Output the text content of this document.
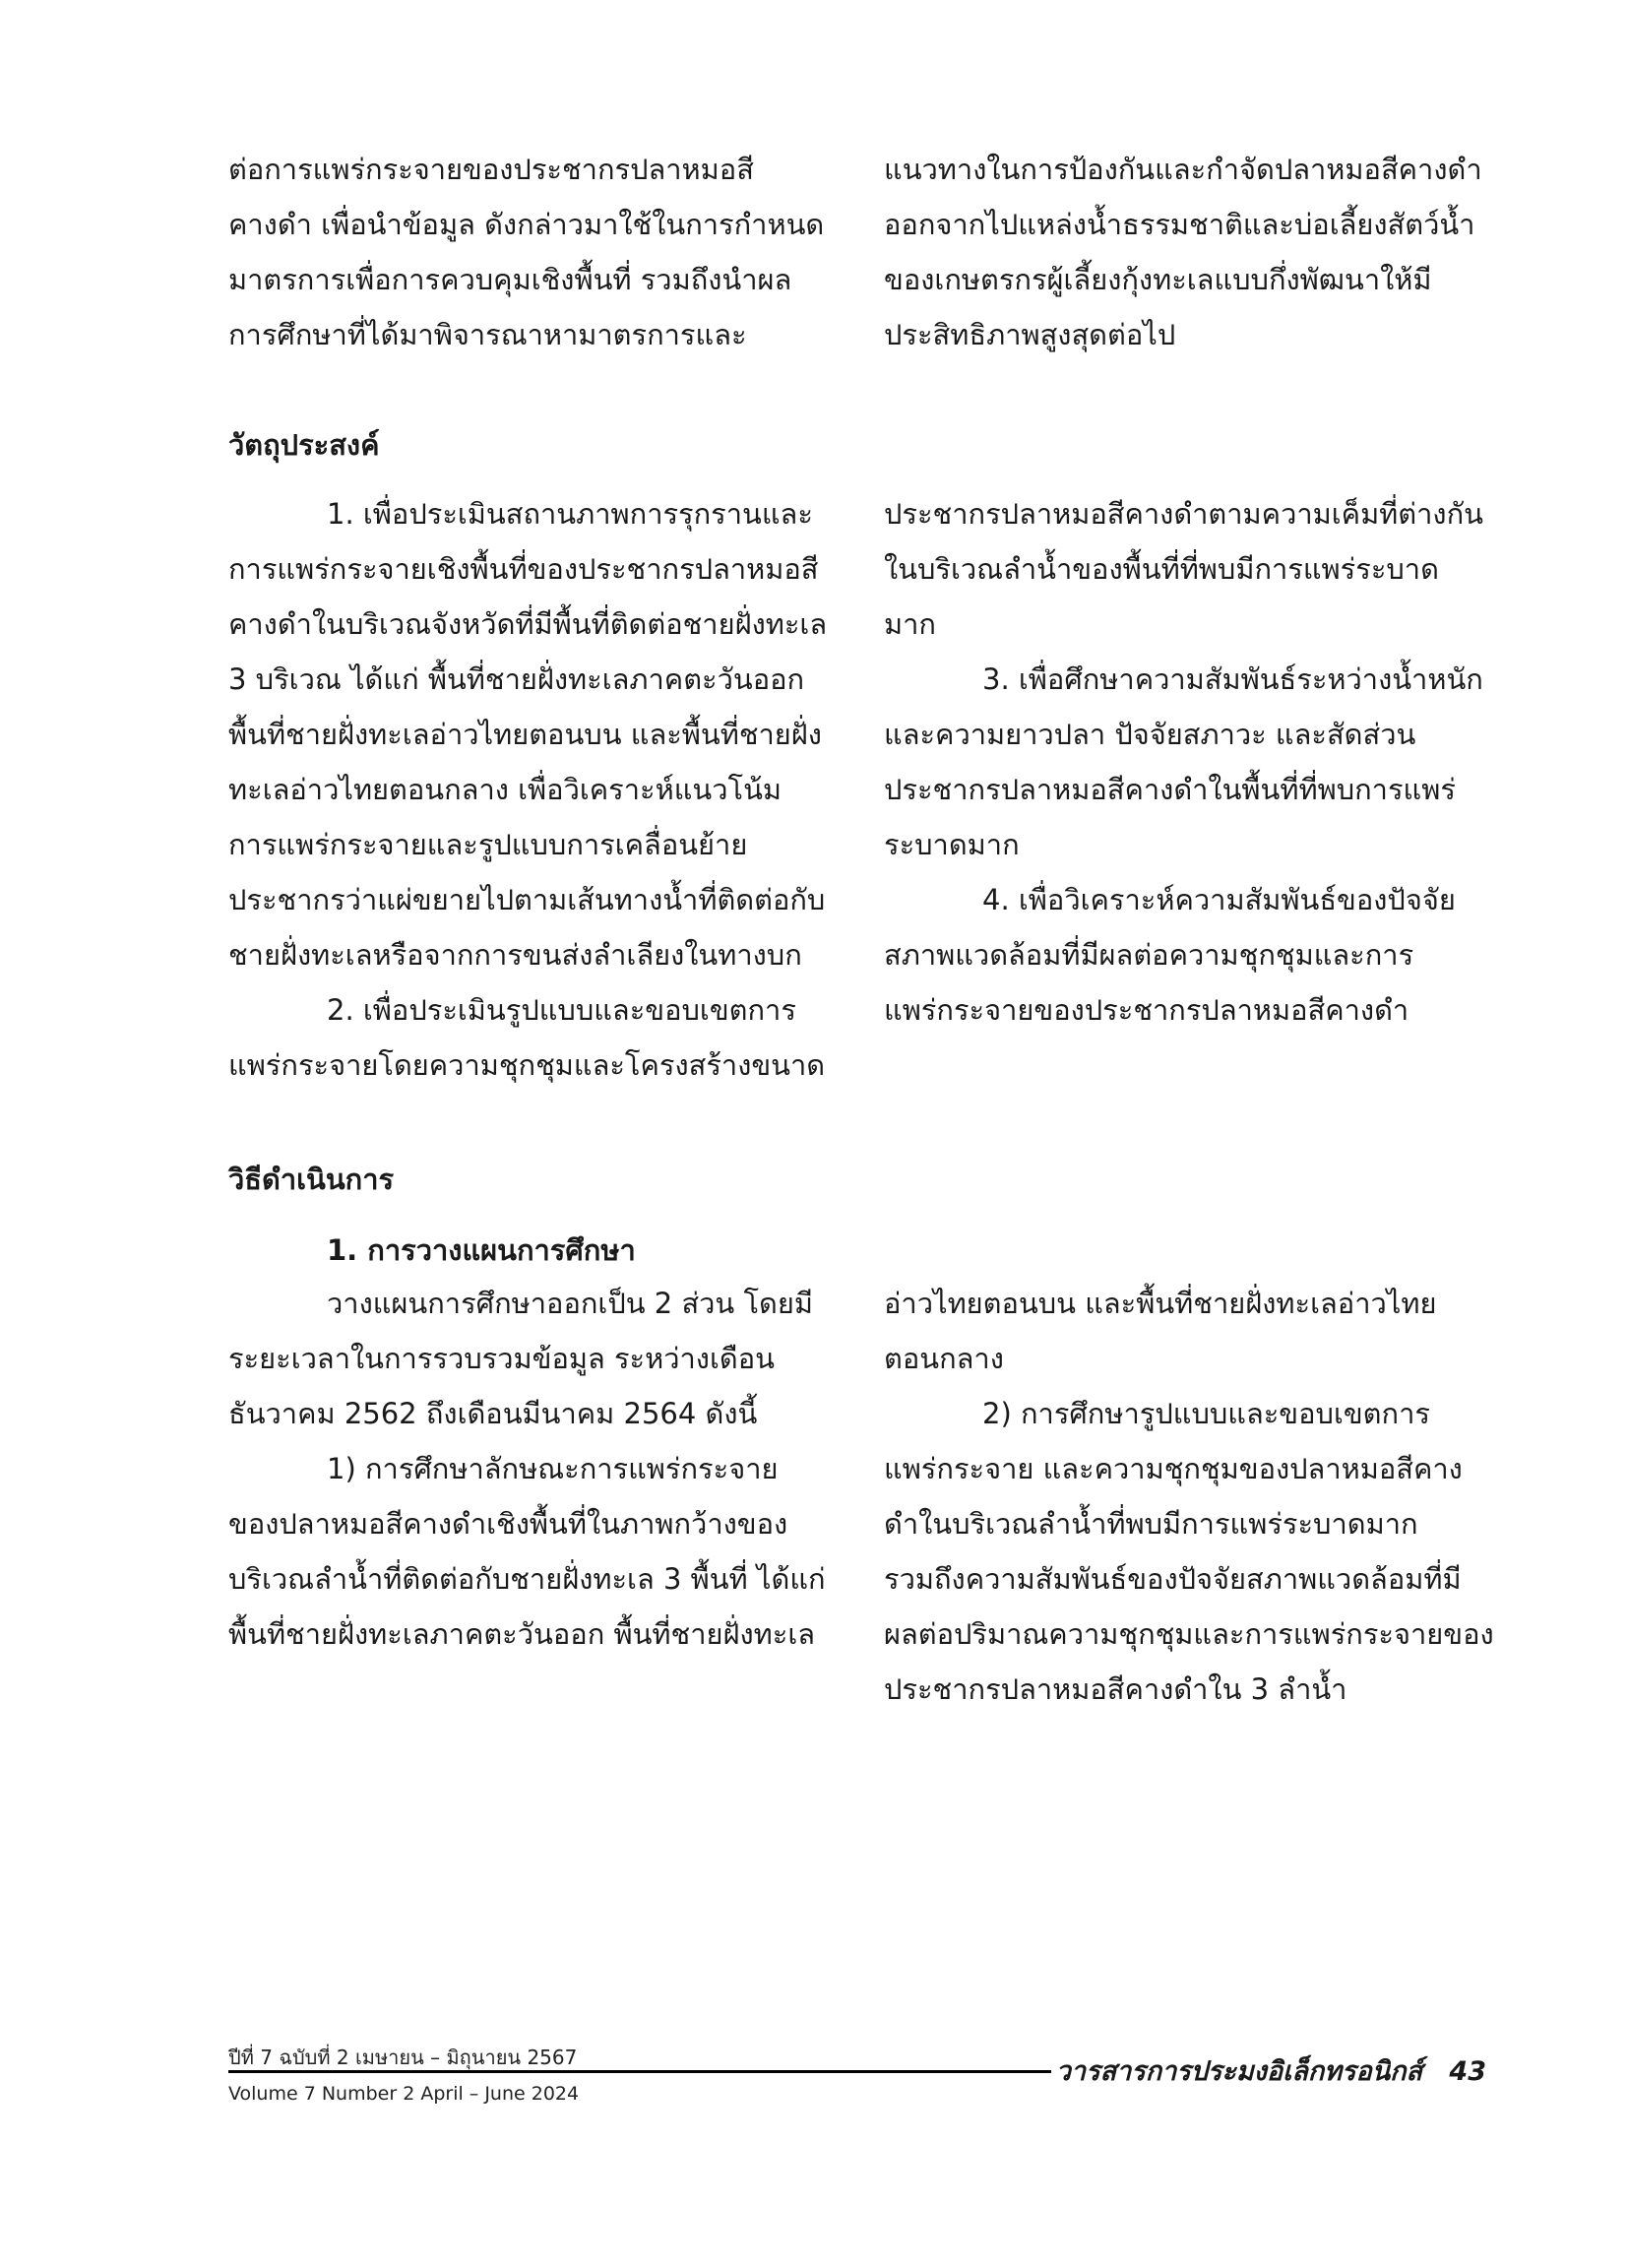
ต่อการแพร่กระจายของประชากรปลาหมอสี
คางดำ เพื่อนำข้อมูล ดังกล่าวมาใช้ในการกำหนด
มาตรการเพื่อการควบคุมเชิงพื้นที่ รวมถึงนำผล
การศึกษาที่ได้มาพิจารณาหามาตรการและ
แนวทางในการป้องกันและกำจัดปลาหมอสีคางดำ
ออกจากไปแหล่งน้ำธรรมชาติและบ่อเลี้ยงสัตว์น้ำ
ของเกษตรกรผู้เลี้ยงกุ้งทะเลแบบกึ่งพัฒนาให้มี
ประสิทธิภาพสูงสุดต่อไป
วัตถุประสงค์
1. เพื่อประเมินสถานภาพการรุกรานและ
การแพร่กระจายเชิงพื้นที่ของประชากรปลาหมอสี
คางดำในบริเวณจังหวัดที่มีพื้นที่ติดต่อชายฝั่งทะเล
3 บริเวณ ได้แก่ พื้นที่ชายฝั่งทะเลภาคตะวันออก
พื้นที่ชายฝั่งทะเลอ่าวไทยตอนบน และพื้นที่ชายฝั่ง
ทะเลอ่าวไทยตอนกลาง เพื่อวิเคราะห์แนวโน้ม
การแพร่กระจายและรูปแบบการเคลื่อนย้าย
ประชากรว่าแผ่ขยายไปตามเส้นทางน้ำที่ติดต่อกับ
ชายฝั่งทะเลหรือจากการขนส่งลำเลียงในทางบก
2. เพื่อประเมินรูปแบบและขอบเขตการ
แพร่กระจายโดยความชุกชุมและโครงสร้างขนาด
ประชากรปลาหมอสีคางดำตามความเค็มที่ต่างกัน
ในบริเวณลำน้ำของพื้นที่ที่พบมีการแพร่ระบาด
มาก
3. เพื่อศึกษาความสัมพันธ์ระหว่างน้ำหนัก
และความยาวปลา ปัจจัยสภาวะ และสัดส่วน
ประชากรปลาหมอสีคางดำในพื้นที่ที่พบการแพร่
ระบาดมาก
4. เพื่อวิเคราะห์ความสัมพันธ์ของปัจจัย
สภาพแวดล้อมที่มีผลต่อความชุกชุมและการ
แพร่กระจายของประชากรปลาหมอสีคางดำ
วิธีดำเนินการ
1. การวางแผนการศึกษา
วางแผนการศึกษาออกเป็น 2 ส่วน โดยมี
ระยะเวลาในการรวบรวมข้อมูล ระหว่างเดือน
ธันวาคม 2562 ถึงเดือนมีนาคม 2564 ดังนี้
1) การศึกษาลักษณะการแพร่กระจาย
ของปลาหมอสีคางดำเชิงพื้นที่ในภาพกว้างของ
บริเวณลำน้ำที่ติดต่อกับชายฝั่งทะเล 3 พื้นที่ ได้แก่
พื้นที่ชายฝั่งทะเลภาคตะวันออก พื้นที่ชายฝั่งทะเล
อ่าวไทยตอนบน และพื้นที่ชายฝั่งทะเลอ่าวไทย
ตอนกลาง
2) การศึกษารูปแบบและขอบเขตการ
แพร่กระจาย และความชุกชุมของปลาหมอสีคาง
ดำในบริเวณลำน้ำที่พบมีการแพร่ระบาดมาก
รวมถึงความสัมพันธ์ของปัจจัยสภาพแวดล้อมที่มี
ผลต่อปริมาณความชุกชุมและการแพร่กระจายของ
ประชากรปลาหมอสีคางดำใน 3 ลำน้ำ
ปีที่ 7 ฉบับที่ 2 เมษายน – มิถุนายน 2567
Volume 7 Number 2 April – June 2024
วารสารการประมงอิเล็กทรอนิกส์ 43
